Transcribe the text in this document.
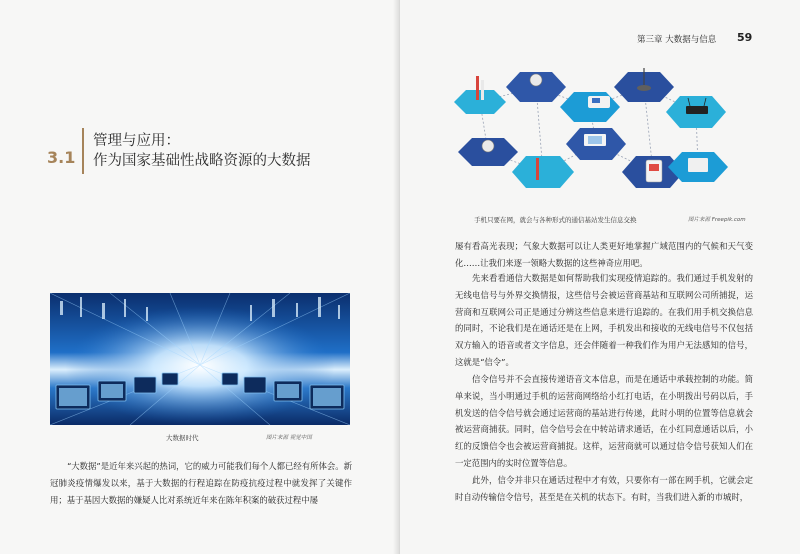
3.1
管理与应用：
作为国家基础性战略资源的大数据
大数据时代	图片来源 视觉中国
“大数据”是近年来兴起的热词，它的威力可能我们每个人都已经有所体会。新冠肺炎疫情爆发以来，基于大数据的行程追踪在防疫抗疫过程中就发挥了关键作用；基于基因大数据的嫌疑人比对系统近年来在陈年积案的破获过程中屡
第三章 大数据与信息 59
手机只要在网，就会与各种形式的通信基站发生信息交换	图片来源 Freepik.com
屡有看高光表现；气象大数据可以让人类更好地掌握广域范围内的气候和天气变化……让我们来逐一领略大数据的这些神奇应用吧。
先来看看通信大数据是如何帮助我们实现疫情追踪的。我们通过手机发射的无线电信号与外界交换情报，这些信号会被运营商基站和互联网公司所捕捉，运营商和互联网公司正是通过分辨这些信息来进行追踪的。在我们用手机交换信息的同时，不论我们是在通话还是在上网，手机发出和接收的无线电信号不仅包括双方输入的语音或者文字信息，还会伴随着一种我们作为用户无法感知的信号，这就是“信令”。
信令信号并不会直接传递语音文本信息，而是在通话中承载控制的功能。简单来说，当小明通过手机的运营商网络给小红打电话，在小明拨出号码以后，手机发送的信令信号就会通过运营商的基站进行传递，此时小明的位置等信息就会被运营商捕获。同时，信令信号会在中转站请求通话，在小红同意通话以后，小红的反馈信令也会被运营商捕捉。这样，运营商就可以通过信令信号获知人们在一定范围内的实时位置等信息。
此外，信令并非只在通话过程中才有效，只要你有一部在网手机，它就会定时自动传输信令信号，甚至是在关机的状态下。有时，当我们进入新的市城时，
